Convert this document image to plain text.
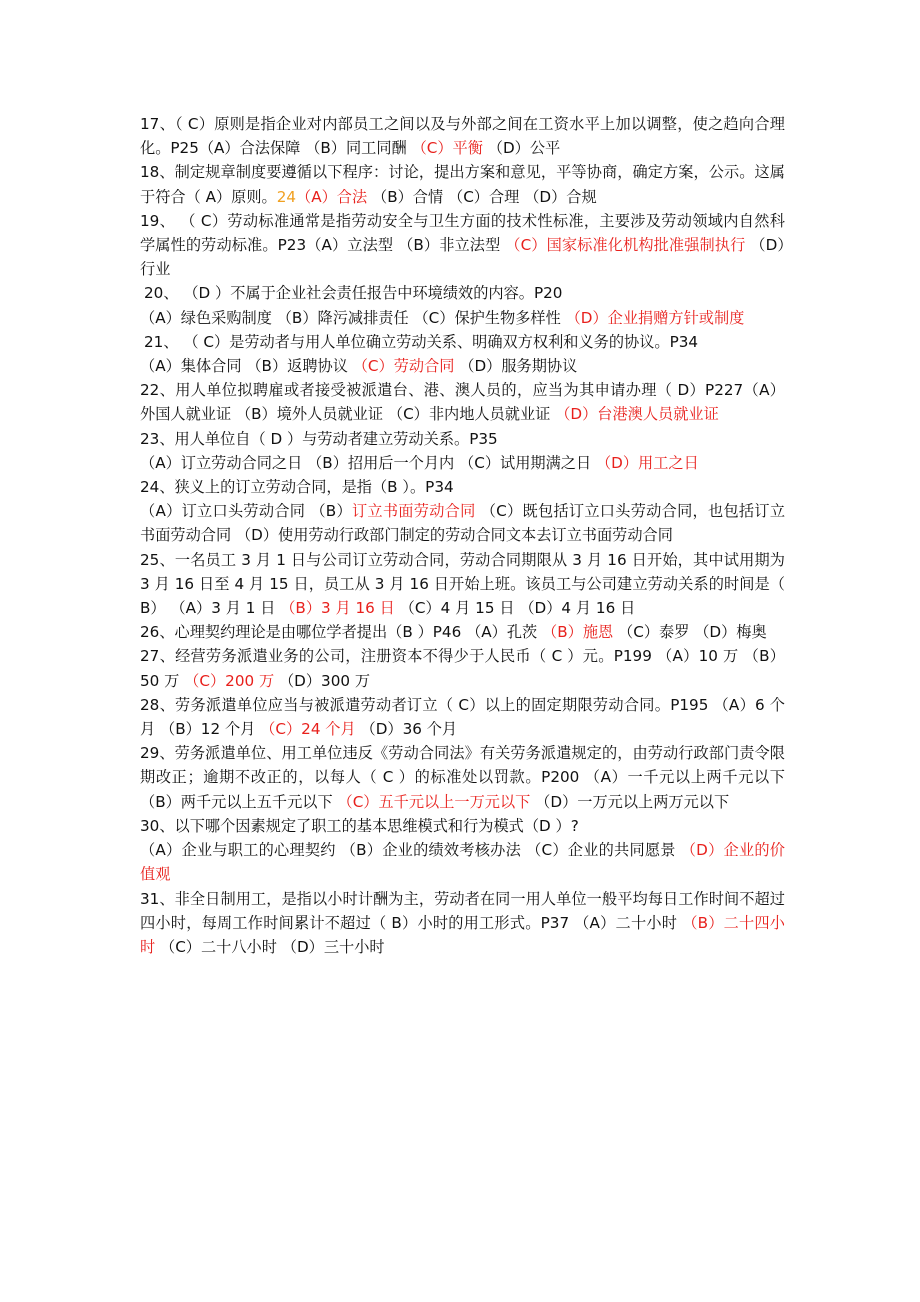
17、（ C）原则是指企业对内部员工之间以及与外部之间在工资水平上加以调整，使之趋向合理化。P25（A）合法保障 （B）同工同酬 （C）平衡 （D）公平

18、制定规章制度要遵循以下程序：讨论，提出方案和意见，平等协商，确定方案，公示。这属于符合（ A）原则。24（A）合法 （B）合情 （C）合理 （D）合规

19、 （ C）劳动标准通常是指劳动安全与卫生方面的技术性标准，主要涉及劳动领域内自然科学属性的劳动标准。P23（A）立法型 （B）非立法型 （C）国家标准化机构批准强制执行 （D）行业

20、 （D ）不属于企业社会责任报告中环境绩效的内容。P20

（A）绿色采购制度 （B）降污减排责任 （C）保护生物多样性 （D）企业捐赠方针或制度

21、 （ C）是劳动者与用人单位确立劳动关系、明确双方权利和义务的协议。P34

（A）集体合同 （B）返聘协议 （C）劳动合同 （D）服务期协议

22、用人单位拟聘雇或者接受被派遣台、港、澳人员的，应当为其申请办理（ D）P227（A）外国人就业证 （B）境外人员就业证 （C）非内地人员就业证 （D）台港澳人员就业证

23、用人单位自（ D ）与劳动者建立劳动关系。P35

（A）订立劳动合同之日 （B）招用后一个月内 （C）试用期满之日 （D）用工之日

24、狭义上的订立劳动合同，是指（B ）。P34

（A）订立口头劳动合同 （B）订立书面劳动合同 （C）既包括订立口头劳动合同，也包括订立书面劳动合同 （D）使用劳动行政部门制定的劳动合同文本去订立书面劳动合同

25、一名员工 3 月 1 日与公司订立劳动合同，劳动合同期限从 3 月 16 日开始，其中试用期为 3 月 16 日至 4 月 15 日，员工从 3 月 16 日开始上班。该员工与公司建立劳动关系的时间是（ B） （A）3 月 1 日 （B）3 月 16 日 （C）4 月 15 日 （D）4 月 16 日

26、心理契约理论是由哪位学者提出（B ）P46 （A）孔茨 （B）施恩 （C）泰罗 （D）梅奥

27、经营劳务派遣业务的公司，注册资本不得少于人民币（ C ）元。P199 （A）10 万 （B）50 万 （C）200 万 （D）300 万

28、劳务派遣单位应当与被派遣劳动者订立（ C）以上的固定期限劳动合同。P195 （A）6 个月 （B）12 个月 （C）24 个月 （D）36 个月

29、劳务派遣单位、用工单位违反《劳动合同法》有关劳务派遣规定的，由劳动行政部门责令限期改正；逾期不改正的，以每人（ C ）的标准处以罚款。P200 （A）一千元以上两千元以下 （B）两千元以上五千元以下 （C）五千元以上一万元以下 （D）一万元以上两万元以下

30、以下哪个因素规定了职工的基本思维模式和行为模式（D ）?

（A）企业与职工的心理契约 （B）企业的绩效考核办法 （C）企业的共同愿景 （D）企业的价值观

31、非全日制用工，是指以小时计酬为主，劳动者在同一用人单位一般平均每日工作时间不超过四小时，每周工作时间累计不超过（ B）小时的用工形式。P37 （A）二十小时 （B）二十四小时 （C）二十八小时 （D）三十小时
